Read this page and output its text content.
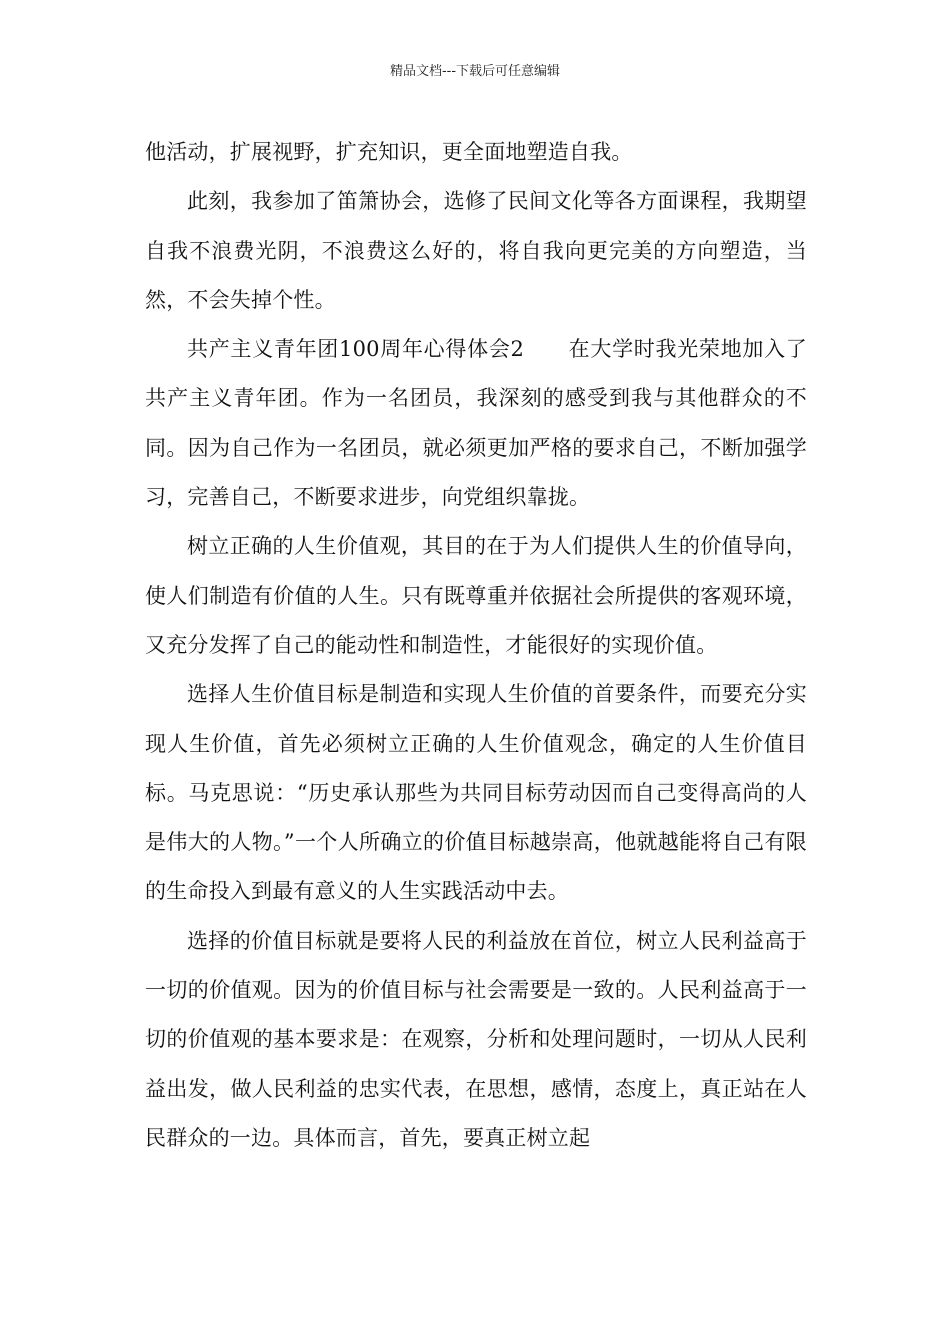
精品文档---下载后可任意编辑

他活动，扩展视野，扩充知识，更全面地塑造自我。

此刻，我参加了笛箫协会，选修了民间文化等各方面课程，我期望自我不浪费光阴，不浪费这么好的，将自我向更完美的方向塑造，当然，不会失掉个性。

共产主义青年团100周年心得体会2 在大学时我光荣地加入了共产主义青年团。作为一名团员，我深刻的感受到我与其他群众的不同。因为自己作为一名团员，就必须更加严格的要求自己，不断加强学习，完善自己，不断要求进步，向党组织靠拢。

树立正确的人生价值观，其目的在于为人们提供人生的价值导向，使人们制造有价值的人生。只有既尊重并依据社会所提供的客观环境，又充分发挥了自己的能动性和制造性，才能很好的实现价值。

选择人生价值目标是制造和实现人生价值的首要条件，而要充分实现人生价值，首先必须树立正确的人生价值观念，确定的人生价值目标。马克思说：“历史承认那些为共同目标劳动因而自己变得高尚的人是伟大的人物。”一个人所确立的价值目标越崇高，他就越能将自己有限的生命投入到最有意义的人生实践活动中去。

选择的价值目标就是要将人民的利益放在首位，树立人民利益高于一切的价值观。因为的价值目标与社会需要是一致的。人民利益高于一切的价值观的基本要求是：在观察，分析和处理问题时，一切从人民利益出发，做人民利益的忠实代表，在思想，感情，态度上，真正站在人民群众的一边。具体而言，首先，要真正树立起
